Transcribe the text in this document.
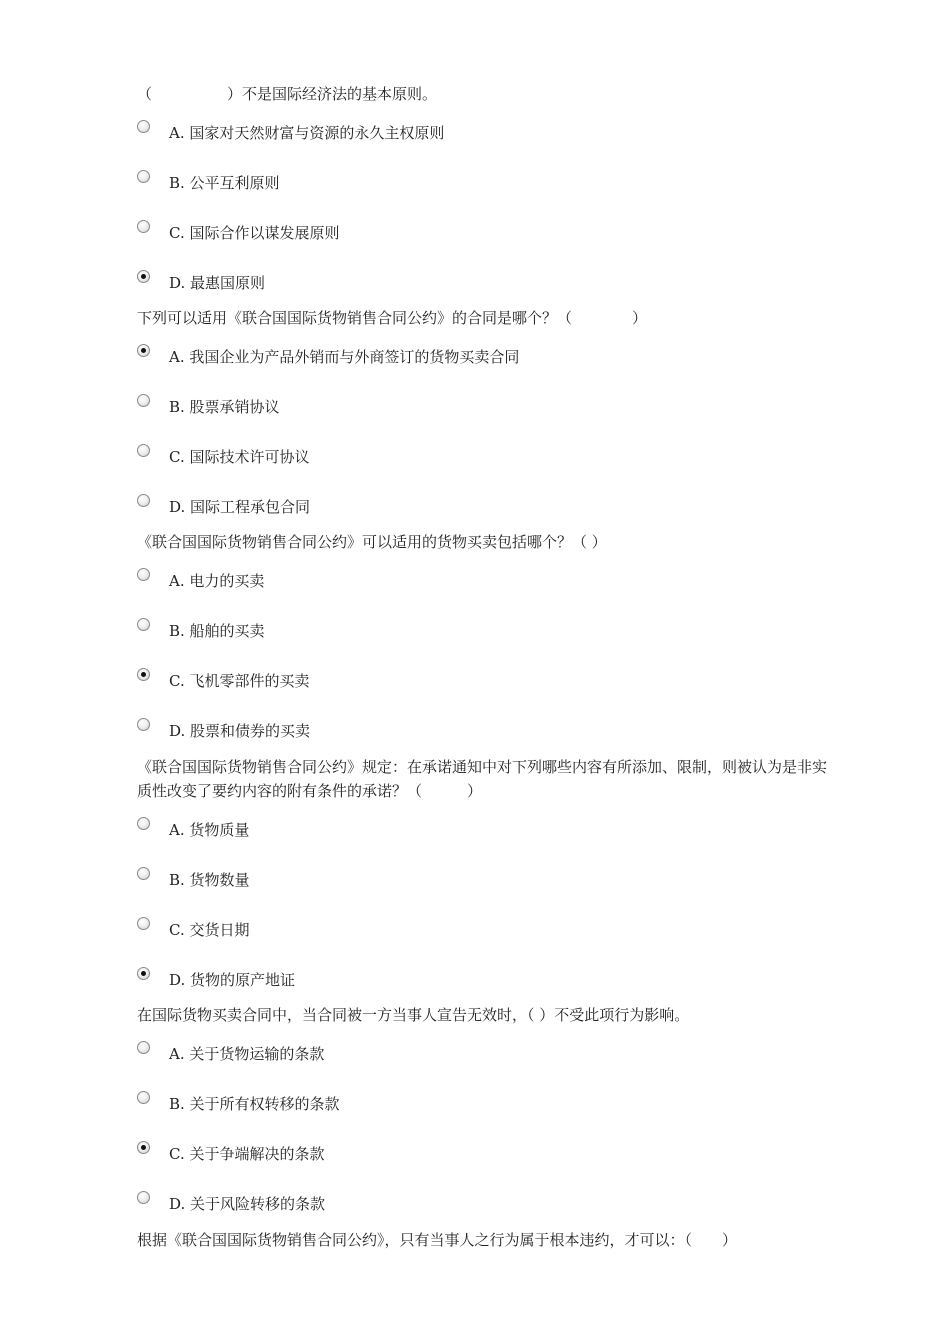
（　　　　　）不是国际经济法的基本原则。

A. 国家对天然财富与资源的永久主权原则
B. 公平互利原则
C. 国际合作以谋发展原则
D. 最惠国原则

下列可以适用《联合国国际货物销售合同公约》的合同是哪个？（　　　　）

A. 我国企业为产品外销而与外商签订的货物买卖合同
B. 股票承销协议
C. 国际技术许可协议
D. 国际工程承包合同

《联合国国际货物销售合同公约》可以适用的货物买卖包括哪个？（ ）

A. 电力的买卖
B. 船舶的买卖
C. 飞机零部件的买卖
D. 股票和债券的买卖

《联合国国际货物销售合同公约》规定：在承诺通知中对下列哪些内容有所添加、限制，则被认为是非实质性改变了要约内容的附有条件的承诺？（　　　）

A. 货物质量
B. 货物数量
C. 交货日期
D. 货物的原产地证

在国际货物买卖合同中，当合同被一方当事人宣告无效时，（ ）不受此项行为影响。

A. 关于货物运输的条款
B. 关于所有权转移的条款
C. 关于争端解决的条款
D. 关于风险转移的条款

根据《联合国国际货物销售合同公约》，只有当事人之行为属于根本违约，才可以：（　　）
